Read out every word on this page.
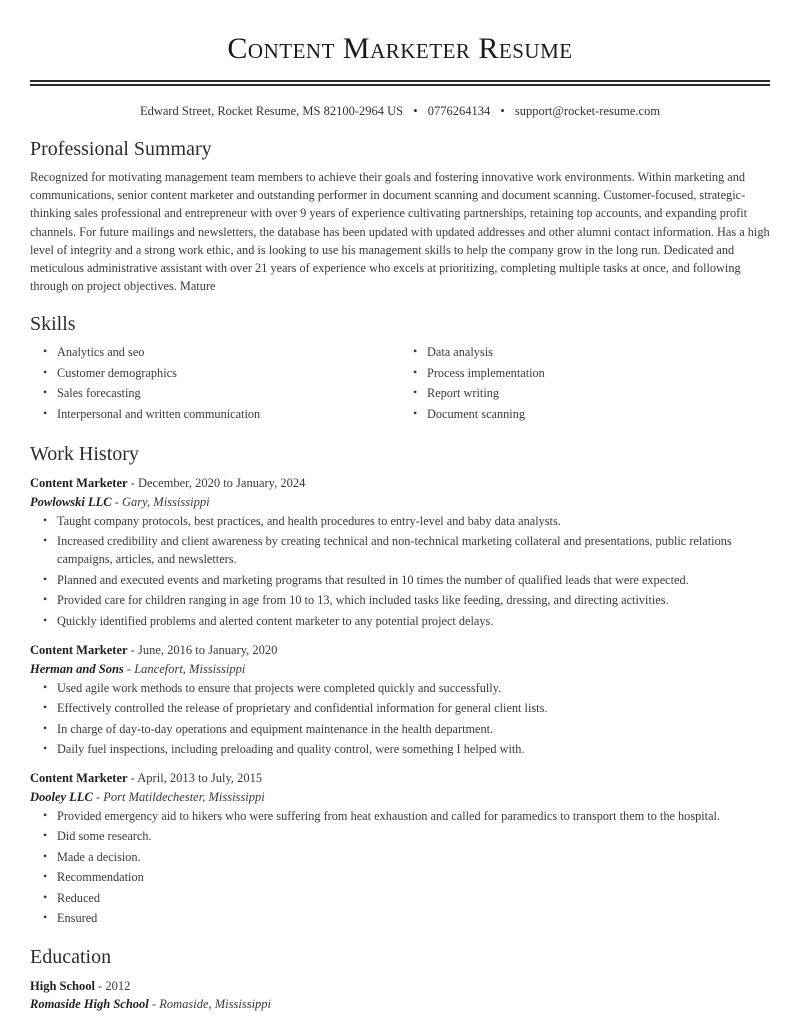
Content Marketer Resume
Edward Street, Rocket Resume, MS 82100-2964 US • 0776264134 • support@rocket-resume.com
Professional Summary

Recognized for motivating management team members to achieve their goals and fostering innovative work environments. Within marketing and communications, senior content marketer and outstanding performer in document scanning and document scanning. Customer-focused, strategic-thinking sales professional and entrepreneur with over 9 years of experience cultivating partnerships, retaining top accounts, and expanding profit channels. For future mailings and newsletters, the database has been updated with updated addresses and other alumni contact information. Has a high level of integrity and a strong work ethic, and is looking to use his management skills to help the company grow in the long run. Dedicated and meticulous administrative assistant with over 21 years of experience who excels at prioritizing, completing multiple tasks at once, and following through on project objectives. Mature

Skills
• Analytics and seo
• Customer demographics
• Sales forecasting
• Interpersonal and written communication
• Data analysis
• Process implementation
• Report writing
• Document scanning
Work History
Content Marketer - December, 2020 to January, 2024
Powlowski LLC - Gary, Mississippi
• Taught company protocols, best practices, and health procedures to entry-level and baby data analysts.
• Increased credibility and client awareness by creating technical and non-technical marketing collateral and presentations, public relations campaigns, articles, and newsletters.
• Planned and executed events and marketing programs that resulted in 10 times the number of qualified leads that were expected.
• Provided care for children ranging in age from 10 to 13, which included tasks like feeding, dressing, and directing activities.
• Quickly identified problems and alerted content marketer to any potential project delays.
Content Marketer - June, 2016 to January, 2020
Herman and Sons - Lancefort, Mississippi
• Used agile work methods to ensure that projects were completed quickly and successfully.
• Effectively controlled the release of proprietary and confidential information for general client lists.
• In charge of day-to-day operations and equipment maintenance in the health department.
• Daily fuel inspections, including preloading and quality control, were something I helped with.
Content Marketer - April, 2013 to July, 2015
Dooley LLC - Port Matildechester, Mississippi
• Provided emergency aid to hikers who were suffering from heat exhaustion and called for paramedics to transport them to the hospital.
• Did some research.
• Made a decision.
• Recommendation
• Reduced
• Ensured
Education
High School - 2012
Romaside High School - Romaside, Mississippi
